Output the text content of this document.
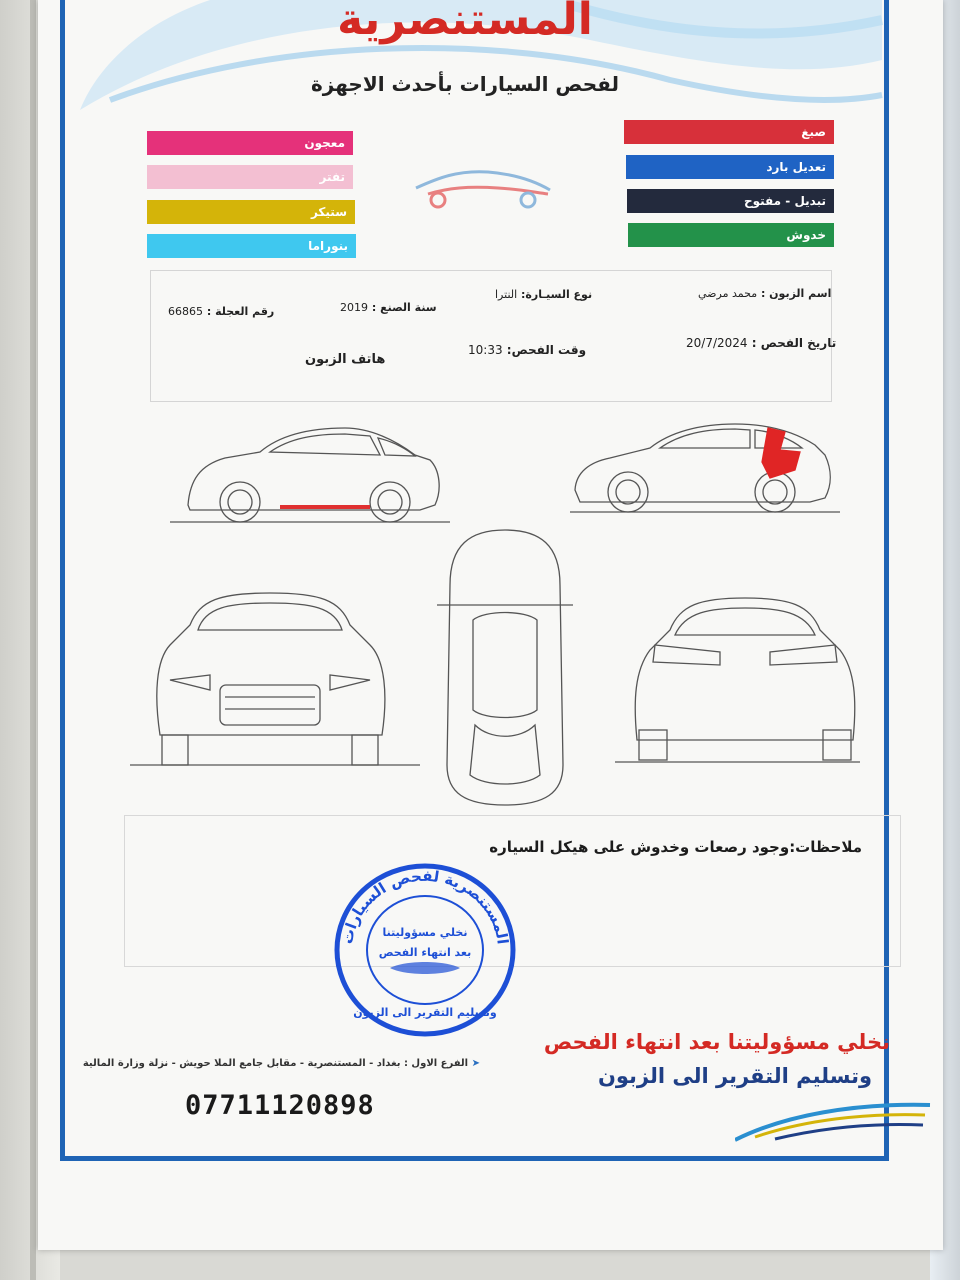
المستنصرية
لفحص السيارات بأحدث الاجهزة
صبغ
تعديل بارد
تبديل - مفتوح
خدوش
معجون
تفتر
ستيكر
بنوراما
اسم الزبون : محمد مرضي
نوع السيـارة: النترا
سنة الصنع : 2019
رقم العجلة : 66865
تاريخ الفحص : 20/7/2024
وقت الفحص: 10:33
هاتف الزبون
ملاحظات:وجود رصعات وخدوش على هيكل السياره
المستنصرية لفحص السيارات
نخلي مسؤوليتنا
بعد انتهاء الفحص
وتسليم التقرير الى الزبون
➤ الفرع الاول : بغداد - المستنصرية - مقابل جامع الملا حويش - نزلة وزارة المالية
07711120898
نخلي مسؤوليتنا بعد انتهاء الفحص
وتسليم التقرير الى الزبون
